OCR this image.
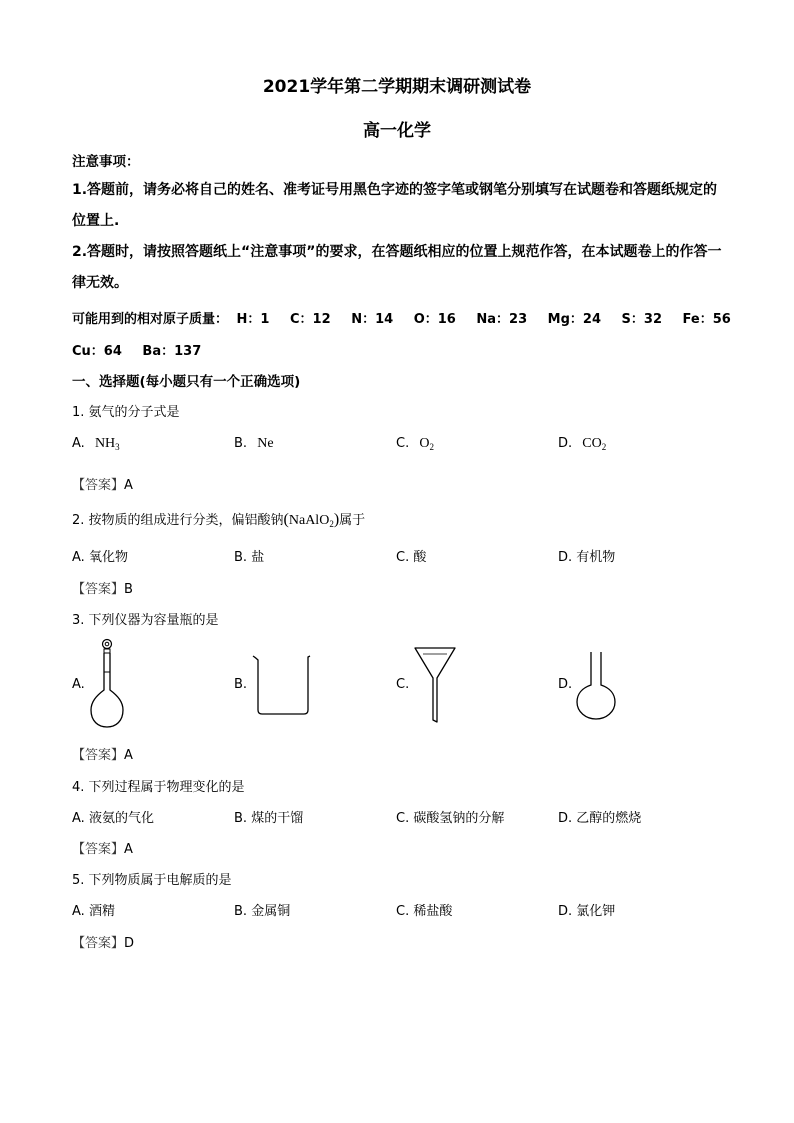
2021学年第二学期期末调研测试卷
高一化学
注意事项：
1.答题前，请务必将自己的姓名、准考证号用黑色字迹的签字笔或钢笔分别填写在试题卷和答题纸规定的位置上.
2.答题时，请按照答题纸上“注意事项”的要求，在答题纸相应的位置上规范作答，在本试题卷上的作答一律无效。
可能用到的相对原子质量： H：1 C：12 N：14 O：16 Na：23 Mg：24 S：32 Fe：56
Cu：64 Ba：137
一、选择题(每小题只有一个正确选项)
1. 氨气的分子式是
A. $NH_3$	B. Ne	C. $O_2$	D. $CO_2$
【答案】A
2. 按物质的组成进行分类，偏铝酸钠(NaAlO$_2$)属于
A. 氧化物	B. 盐	C. 酸	D. 有机物
【答案】B
3. 下列仪器为容量瓶的是
A.	B.	C.	D.
【答案】A
4. 下列过程属于物理变化的是
A. 液氨的气化	B. 煤的干馏	C. 碳酸氢钠的分解	D. 乙醇的燃烧
【答案】A
5. 下列物质属于电解质的是
A. 酒精	B. 金属铜	C. 稀盐酸	D. 氯化钾
【答案】D
